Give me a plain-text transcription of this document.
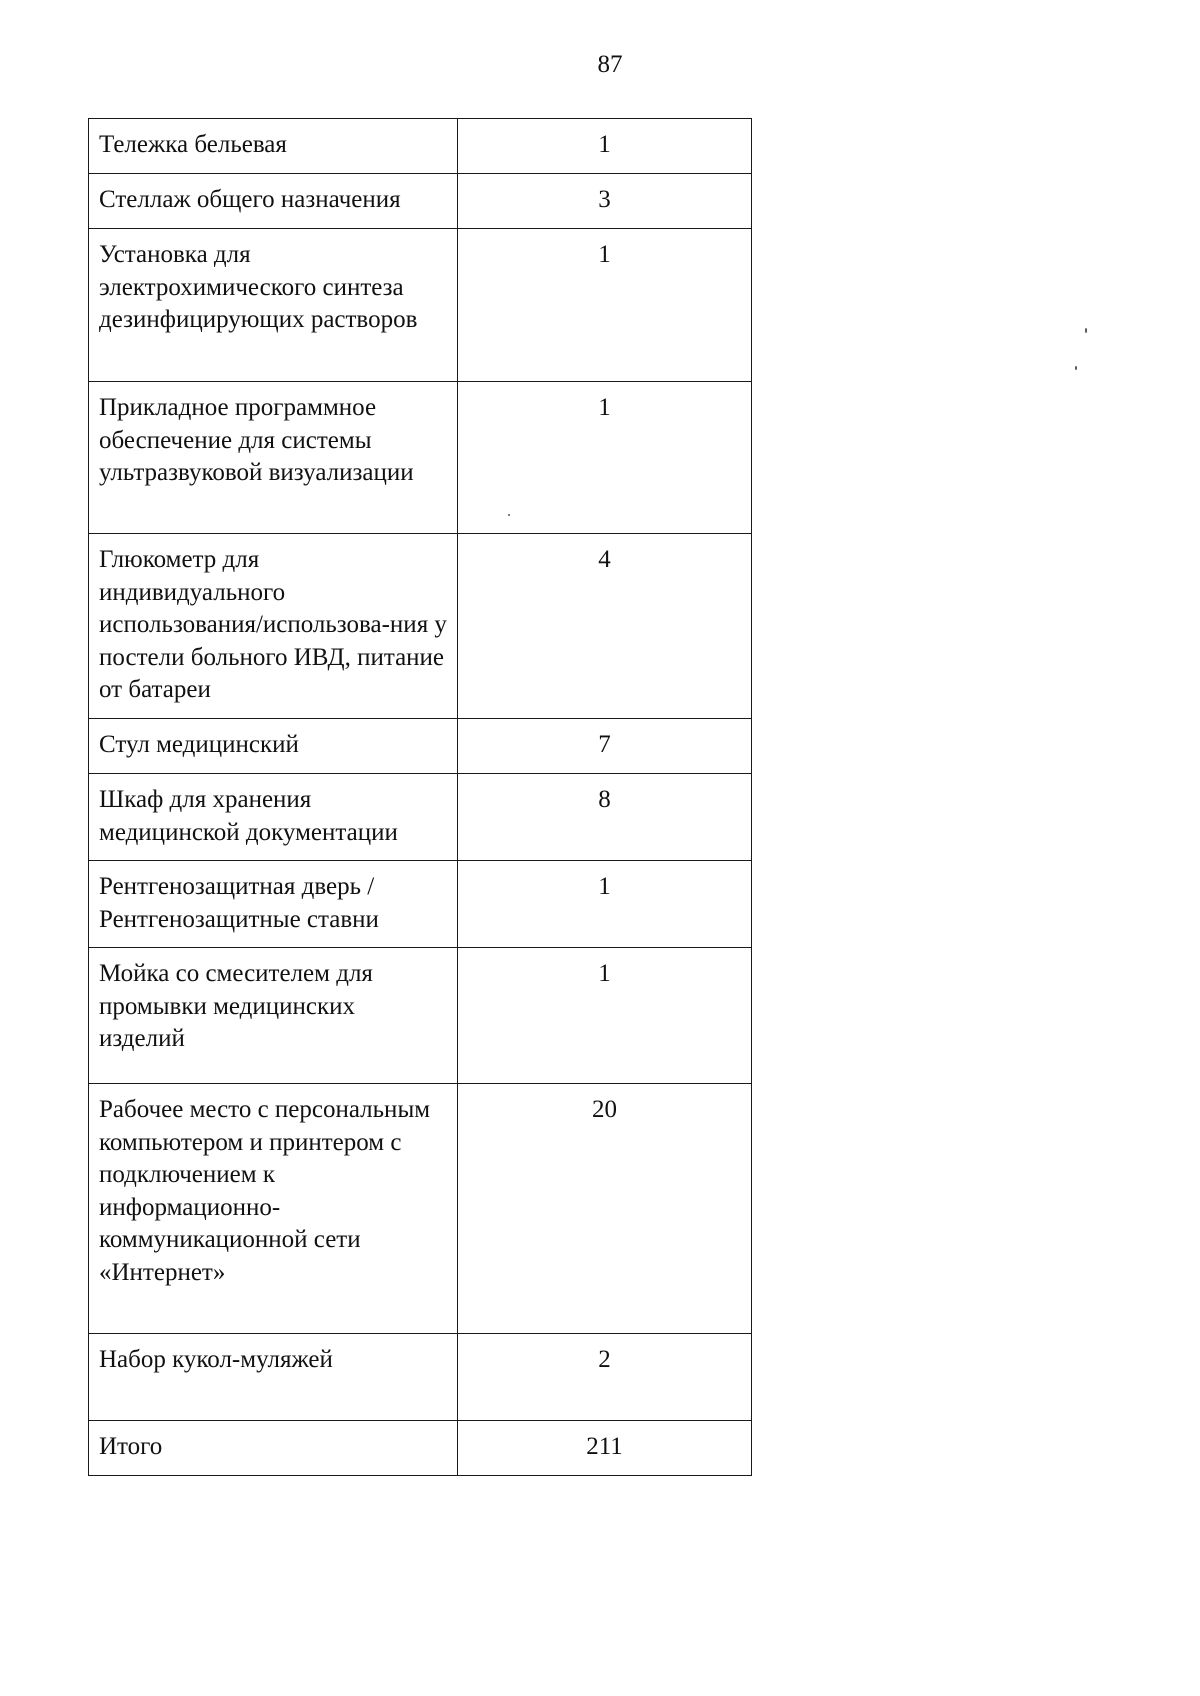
87
Тележка бельевая	1
Стеллаж общего назначения	3
Установка для электрохимического синтеза дезинфицирующих растворов	1
Прикладное программное обеспечение для системы ультразвуковой визуализации	1
Глюкометр для индивидуального использования/использова-ния у постели больного ИВД, питание от батареи	4
Стул медицинский	7
Шкаф для хранения медицинской документации	8
Рентгенозащитная дверь / Рентгенозащитные ставни	1
Мойка со смесителем для промывки медицинских изделий	1
Рабочее место с персональным компьютером и принтером с подключением к информационно-коммуникационной сети «Интернет»	20
Набор кукол-муляжей	2
Итого	211
